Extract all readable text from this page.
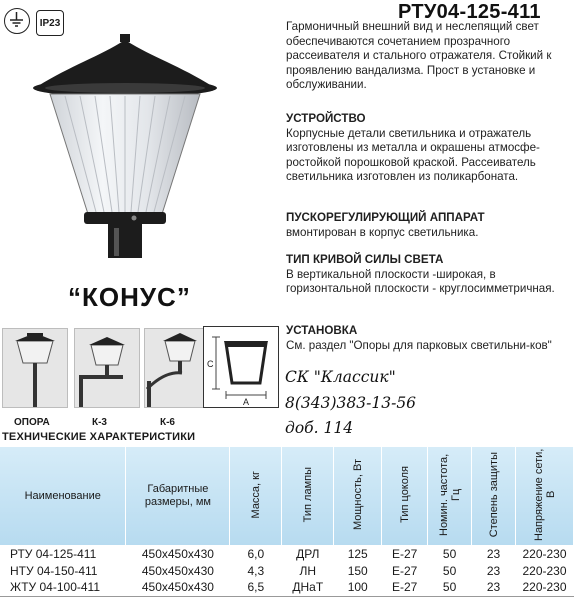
IP23	РТУ04-125-411
Гармоничный внешний вид и неслепящий свет обеспечиваются сочетанием прозрачного рассеивателя и стального отражателя. Стойкий к проявлению вандализма. Прост в установке и обслуживании.
УСТРОЙСТВО
Корпусные детали светильника и отражатель изготовлены из металла и окрашены атмосфе-ростойкой порошковой краской. Рассеиватель светильника изготовлен из поликарбоната.
ПУСКОРЕГУЛИРУЮЩИЙ АППАРАТ
вмонтирован в корпус светильника.
ТИП КРИВОЙ СИЛЫ СВЕТА
В вертикальной плоскости -широкая, в горизонтальной плоскости - круглосимметричная.
УСТАНОВКА
См. раздел "Опоры для парковых светильни-ков"
“КОНУС”
ОПОРА	К-3	К-6
C
A
СК "Классик"
8(343)383-13-56
доб. 114
ТЕХНИЧЕСКИЕ ХАРАКТЕРИСТИКИ
Наименование	Габаритные размеры, мм	Масса, кг	Тип лампы	Мощность, Вт	Тип цоколя	Номин. частота, Гц	Степень защиты	Напряжение сети, В
РТУ 04-125-411	450х450х430	6,0	ДРЛ	125	Е-27	50	23	220-230
НТУ 04-150-411	450х450х430	4,3	ЛН	150	Е-27	50	23	220-230
ЖТУ 04-100-411	450х450х430	6,5	ДНаТ	100	Е-27	50	23	220-230
